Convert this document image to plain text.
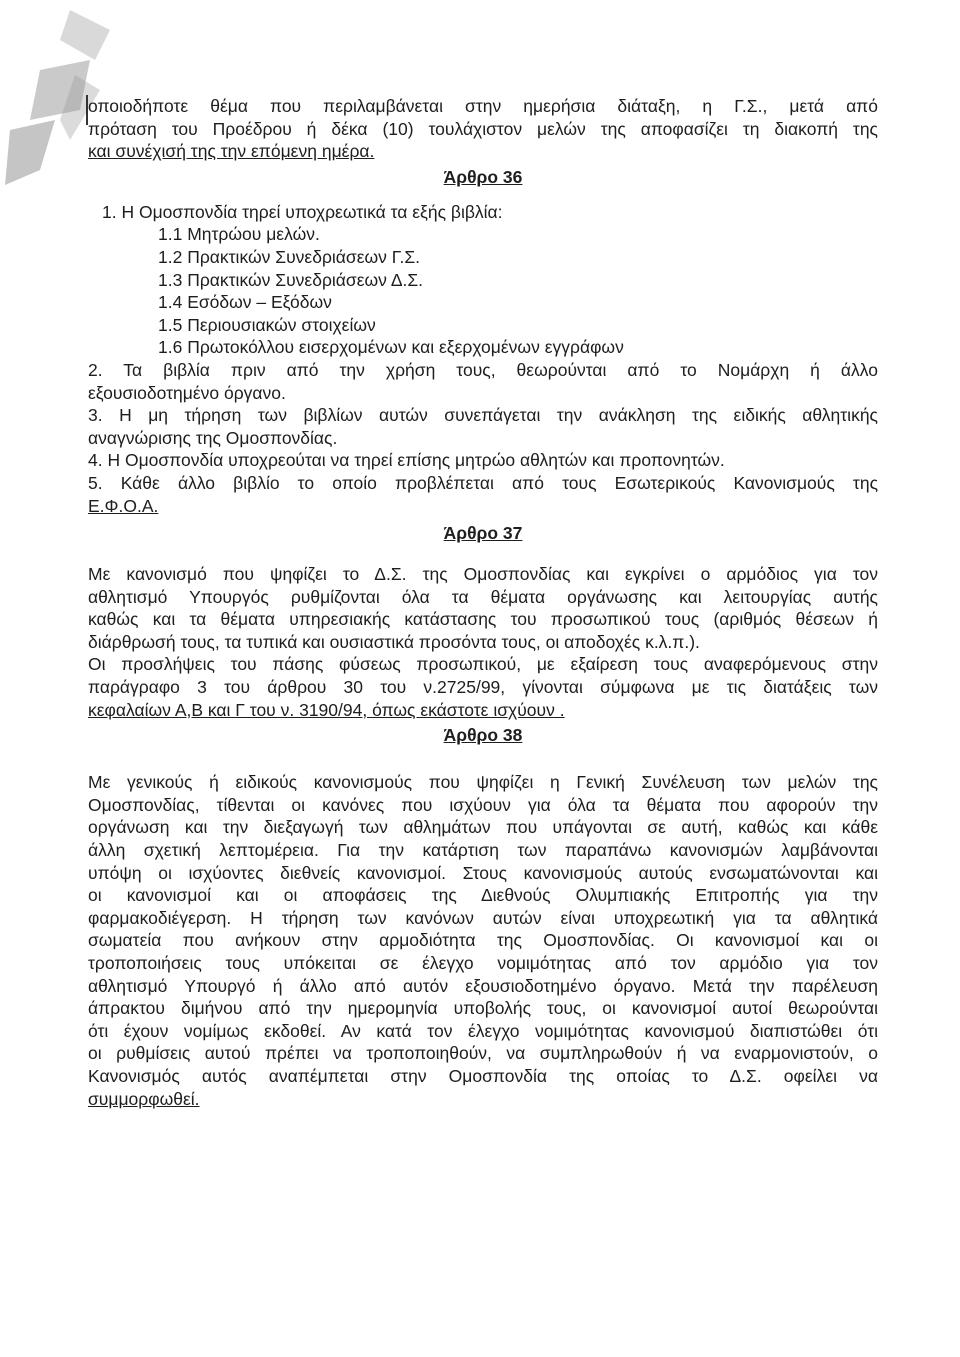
οποιοδήποτε θέμα που περιλαμβάνεται στην ημερήσια διάταξη, η Γ.Σ., μετά από

πρόταση του Προέδρου ή δέκα (10) τουλάχιστον μελών της αποφασίζει τη διακοπή της

και συνέχισή της την επόμενη ημέρα.

Άρθρο 36

1. Η Ομοσπονδία τηρεί υποχρεωτικά τα εξής βιβλία:

1.1 Μητρώου μελών.

1.2 Πρακτικών Συνεδριάσεων Γ.Σ.

1.3 Πρακτικών Συνεδριάσεων Δ.Σ.

1.4 Εσόδων – Εξόδων

1.5 Περιουσιακών στοιχείων

1.6 Πρωτοκόλλου εισερχομένων και εξερχομένων εγγράφων

2. Τα βιβλία πριν από την χρήση τους, θεωρούνται από το Νομάρχη ή άλλο

εξουσιοδοτημένο όργανο.

3. Η μη τήρηση των βιβλίων αυτών συνεπάγεται την ανάκληση της ειδικής αθλητικής

αναγνώρισης της Ομοσπονδίας.

4. Η Ομοσπονδία υποχρεούται να τηρεί επίσης μητρώο αθλητών και προπονητών.

5. Κάθε άλλο βιβλίο το οποίο προβλέπεται από τους Εσωτερικούς Κανονισμούς της

Ε.Φ.Ο.Α.

Άρθρο 37

Με κανονισμό που ψηφίζει το Δ.Σ. της Ομοσπονδίας και εγκρίνει ο αρμόδιος για τον

αθλητισμό Υπουργός ρυθμίζονται όλα τα θέματα οργάνωσης και λειτουργίας αυτής

καθώς και τα θέματα υπηρεσιακής κατάστασης του προσωπικού τους (αριθμός θέσεων ή

διάρθρωσή τους, τα τυπικά και ουσιαστικά προσόντα τους, οι αποδοχές κ.λ.π.).

Οι προσλήψεις του πάσης φύσεως προσωπικού, με εξαίρεση τους αναφερόμενους στην

παράγραφο 3 του άρθρου 30 του ν.2725/99, γίνονται σύμφωνα με τις διατάξεις των

κεφαλαίων Α,Β και Γ του ν. 3190/94, όπως εκάστοτε ισχύουν .

Άρθρο 38

Με γενικούς ή ειδικούς κανονισμούς που ψηφίζει η Γενική Συνέλευση των μελών της

Ομοσπονδίας, τίθενται οι κανόνες που ισχύουν για όλα τα θέματα που αφορούν την

οργάνωση και την διεξαγωγή των αθλημάτων που υπάγονται σε αυτή, καθώς και κάθε

άλλη σχετική λεπτομέρεια. Για την κατάρτιση των παραπάνω κανονισμών λαμβάνονται

υπόψη οι ισχύοντες διεθνείς κανονισμοί. Στους κανονισμούς αυτούς ενσωματώνονται και

οι κανονισμοί και οι αποφάσεις της Διεθνούς Ολυμπιακής Επιτροπής για την

φαρμακοδιέγερση. Η τήρηση των κανόνων αυτών είναι υποχρεωτική για τα αθλητικά

σωματεία που ανήκουν στην αρμοδιότητα της Ομοσπονδίας. Οι κανονισμοί και οι

τροποποιήσεις τους υπόκειται σε έλεγχο νομιμότητας από τον αρμόδιο για τον

αθλητισμό Υπουργό ή άλλο από αυτόν εξουσιοδοτημένο όργανο. Μετά την παρέλευση

άπρακτου διμήνου από την ημερομηνία υποβολής τους, οι κανονισμοί αυτοί θεωρούνται

ότι έχουν νομίμως εκδοθεί. Αν κατά τον έλεγχο νομιμότητας κανονισμού διαπιστώθει ότι

οι ρυθμίσεις αυτού πρέπει να τροποποιηθούν, να συμπληρωθούν ή να εναρμονιστούν, ο

Κανονισμός αυτός αναπέμπεται στην Ομοσπονδία της οποίας το Δ.Σ. οφείλει να

συμμορφωθεί.
